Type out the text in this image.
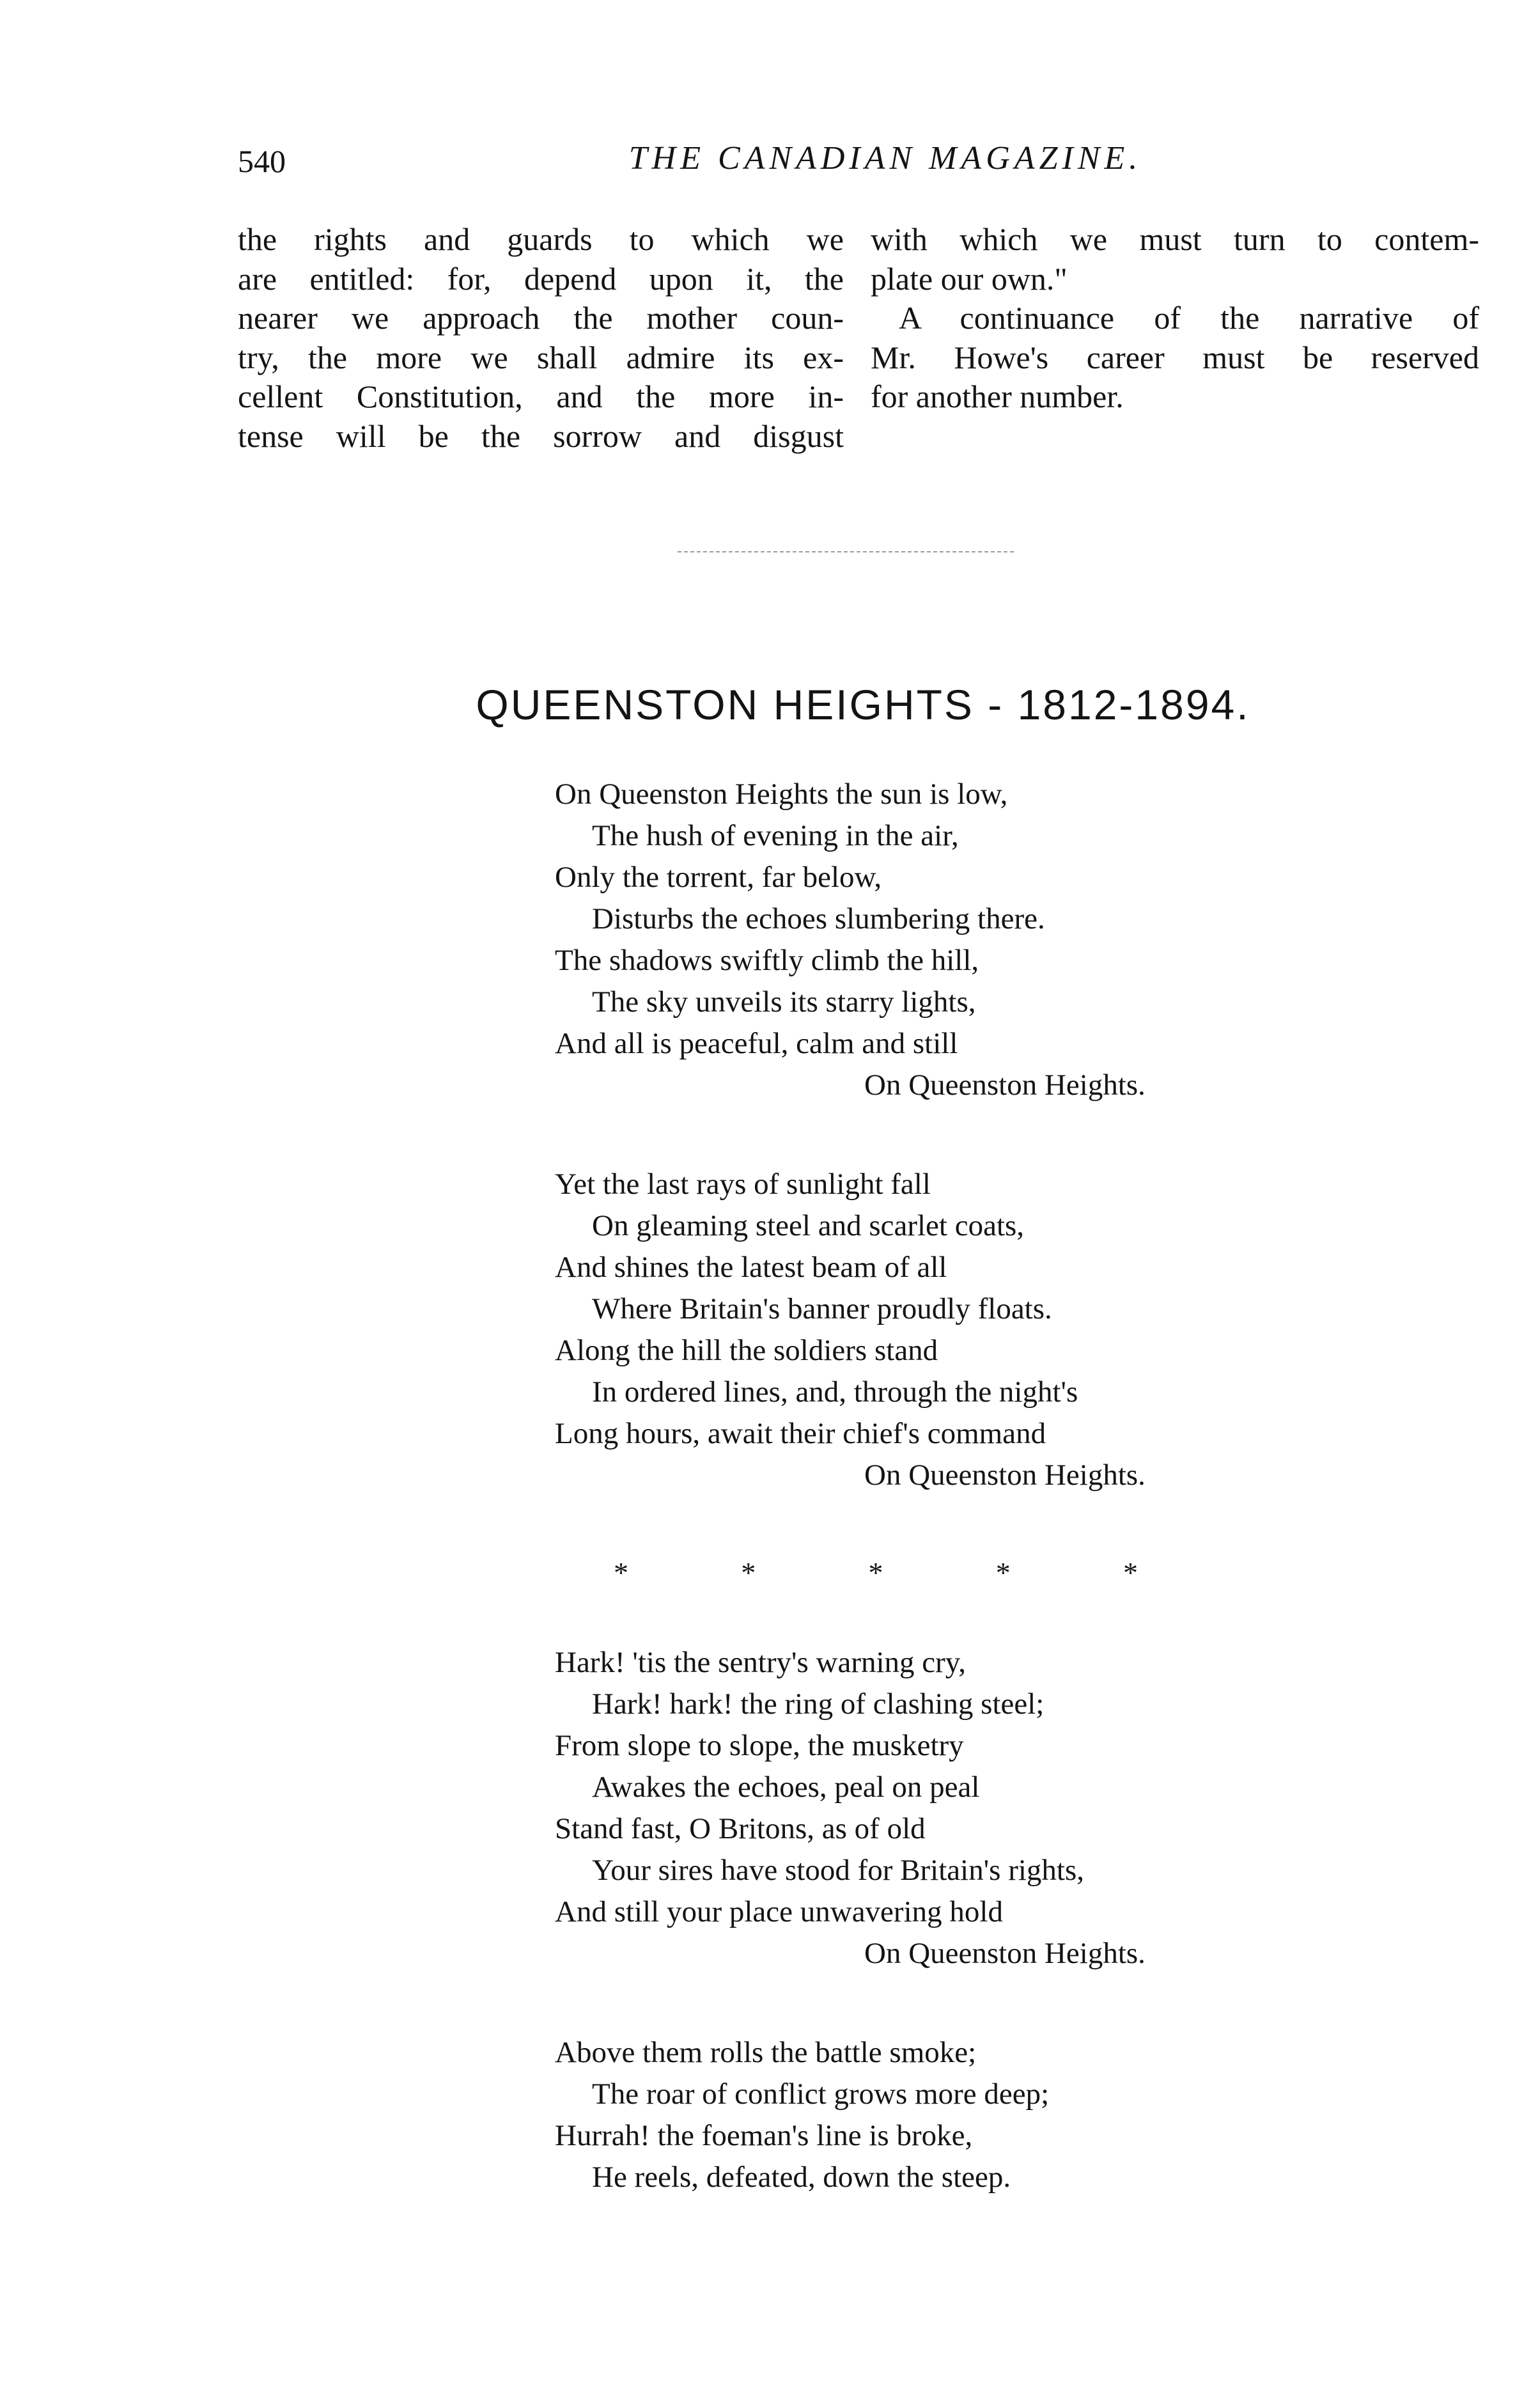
540	THE CANADIAN MAGAZINE.
the rights and guards to which we
are entitled: for, depend upon it, the
nearer we approach the mother coun-
try, the more we shall admire its ex-
cellent Constitution, and the more in-
tense will be the sorrow and disgust
with which we must turn to contem-
plate our own."
A continuance of the narrative of
Mr. Howe's career must be reserved
for another number.
QUEENSTON HEIGHTS - 1812-1894.
On Queenston Heights the sun is low,
The hush of evening in the air,
Only the torrent, far below,
Disturbs the echoes slumbering there.
The shadows swiftly climb the hill,
The sky unveils its starry lights,
And all is peaceful, calm and still
On Queenston Heights.
Yet the last rays of sunlight fall
On gleaming steel and scarlet coats,
And shines the latest beam of all
Where Britain's banner proudly floats.
Along the hill the soldiers stand
In ordered lines, and, through the night's
Long hours, await their chief's command
On Queenston Heights.
*	*	*	*	*
Hark! 'tis the sentry's warning cry,
Hark! hark! the ring of clashing steel;
From slope to slope, the musketry
Awakes the echoes, peal on peal
Stand fast, O Britons, as of old
Your sires have stood for Britain's rights,
And still your place unwavering hold
On Queenston Heights.
Above them rolls the battle smoke;
The roar of conflict grows more deep;
Hurrah! the foeman's line is broke,
He reels, defeated, down the steep.
